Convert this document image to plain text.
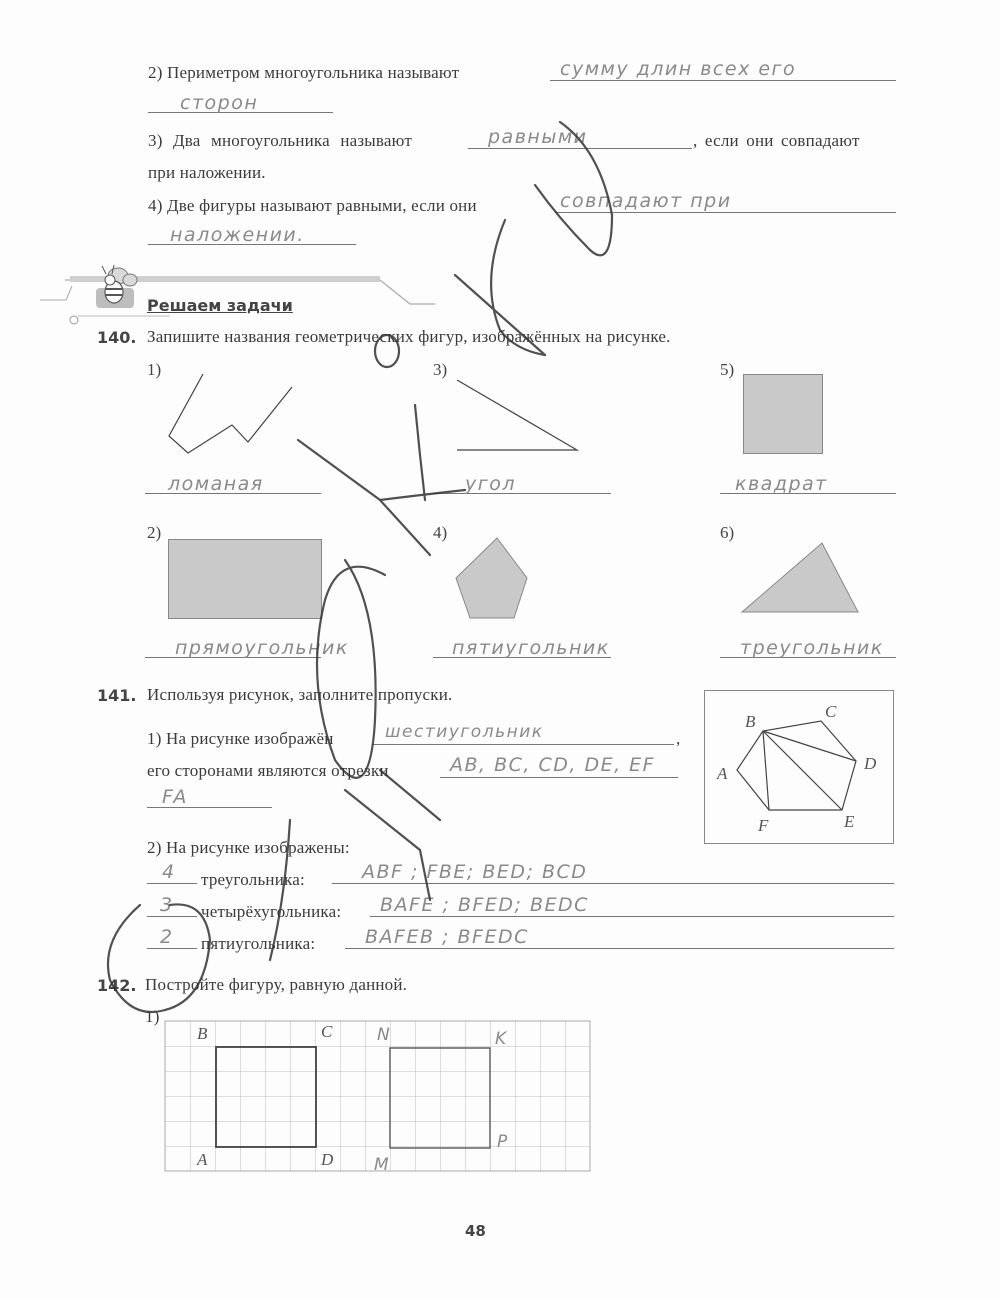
2) Периметром многоугольника называют	сумму длин всех его
сторон
3) Два многоугольника называют	равными	, если они совпадают
при наложении.
4) Две фигуры называют равными, если они	совпадают при
наложении.
Решаем задачи
140. Запишите названия геометрических фигур, изображённых на рисунке.
1)
ломаная
3)
угол
5)
квадрат
2)
прямоугольник
4)
пятиугольник
6)
треугольник
141. Используя рисунок, заполните пропуски.
1) На рисунке изображён	шестиугольник	,
его сторонами являются отрезки	AB, BC, CD, DE, EF
FA
B
C
D
A
F	E
2) На рисунке изображены:
4 треугольника:	ABF ; FBE; BED; BCD
3 четырёхугольника: BAFE ; BFED; BEDC
2 пятиугольника:	BAFEB ; BFEDC
142. Постройте фигуру, равную данной.
1)
B	C
A	D
N	K
P
M
48
